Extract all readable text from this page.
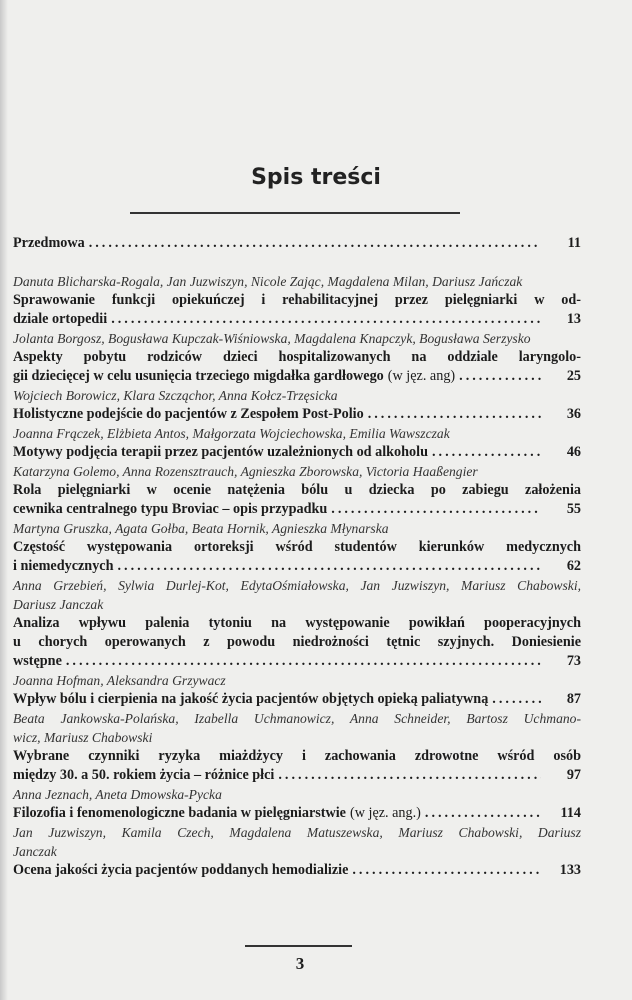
Spis treści
Przedmowa .....	11
Danuta Blicharska-Rogala, Jan Juzwiszyn, Nicole Zając, Magdalena Milan, Dariusz Jańczak
Sprawowanie funkcji opiekuńczej i rehabilitacyjnej przez pielęgniarki w od-
dziale ortopedii .....	13
Jolanta Borgosz, Bogusława Kupczak-Wiśniowska, Magdalena Knapczyk, Bogusława Serzysko
Aspekty pobytu rodziców dzieci hospitalizowanych na oddziale laryngolo-
gii dziecięcej w celu usunięcia trzeciego migdałka gardłowego (w jęz. ang) .....	25
Wojciech Borowicz, Klara Szcząchor, Anna Kołcz-Trzęsicka
Holistyczne podejście do pacjentów z Zespołem Post-Polio .....	36
Joanna Frączek, Elżbieta Antos, Małgorzata Wojciechowska, Emilia Wawszczak
Motywy podjęcia terapii przez pacjentów uzależnionych od alkoholu .....	46
Katarzyna Golemo, Anna Rozensztrauch, Agnieszka Zborowska, Victoria Haaßengier
Rola pielęgniarki w ocenie natężenia bólu u dziecka po zabiegu założenia
cewnika centralnego typu Broviac – opis przypadku .....	55
Martyna Gruszka, Agata Gołba, Beata Hornik, Agnieszka Młynarska
Częstość występowania ortoreksji wśród studentów kierunków medycznych
i niemedycznych .....	62
Anna Grzebień, Sylwia Durlej-Kot, EdytaOśmiałowska, Jan Juzwiszyn, Mariusz Chabowski,
Dariusz Janczak
Analiza wpływu palenia tytoniu na występowanie powikłań pooperacyjnych
u chorych operowanych z powodu niedrożności tętnic szyjnych. Doniesienie
wstępne .....	73
Joanna Hofman, Aleksandra Grzywacz
Wpływ bólu i cierpienia na jakość życia pacjentów objętych opieką paliatywną .....	87
Beata Jankowska-Polańska, Izabella Uchmanowicz, Anna Schneider, Bartosz Uchmano-
wicz, Mariusz Chabowski
Wybrane czynniki ryzyka miażdżycy i zachowania zdrowotne wśród osób
między 30. a 50. rokiem życia – różnice płci .....	97
Anna Jeznach, Aneta Dmowska-Pycka
Filozofia i fenomenologiczne badania w pielęgniarstwie (w jęz. ang.) .....	114
Jan Juzwiszyn, Kamila Czech, Magdalena Matuszewska, Mariusz Chabowski, Dariusz
Janczak
Ocena jakości życia pacjentów poddanych hemodializie .....	133
3
